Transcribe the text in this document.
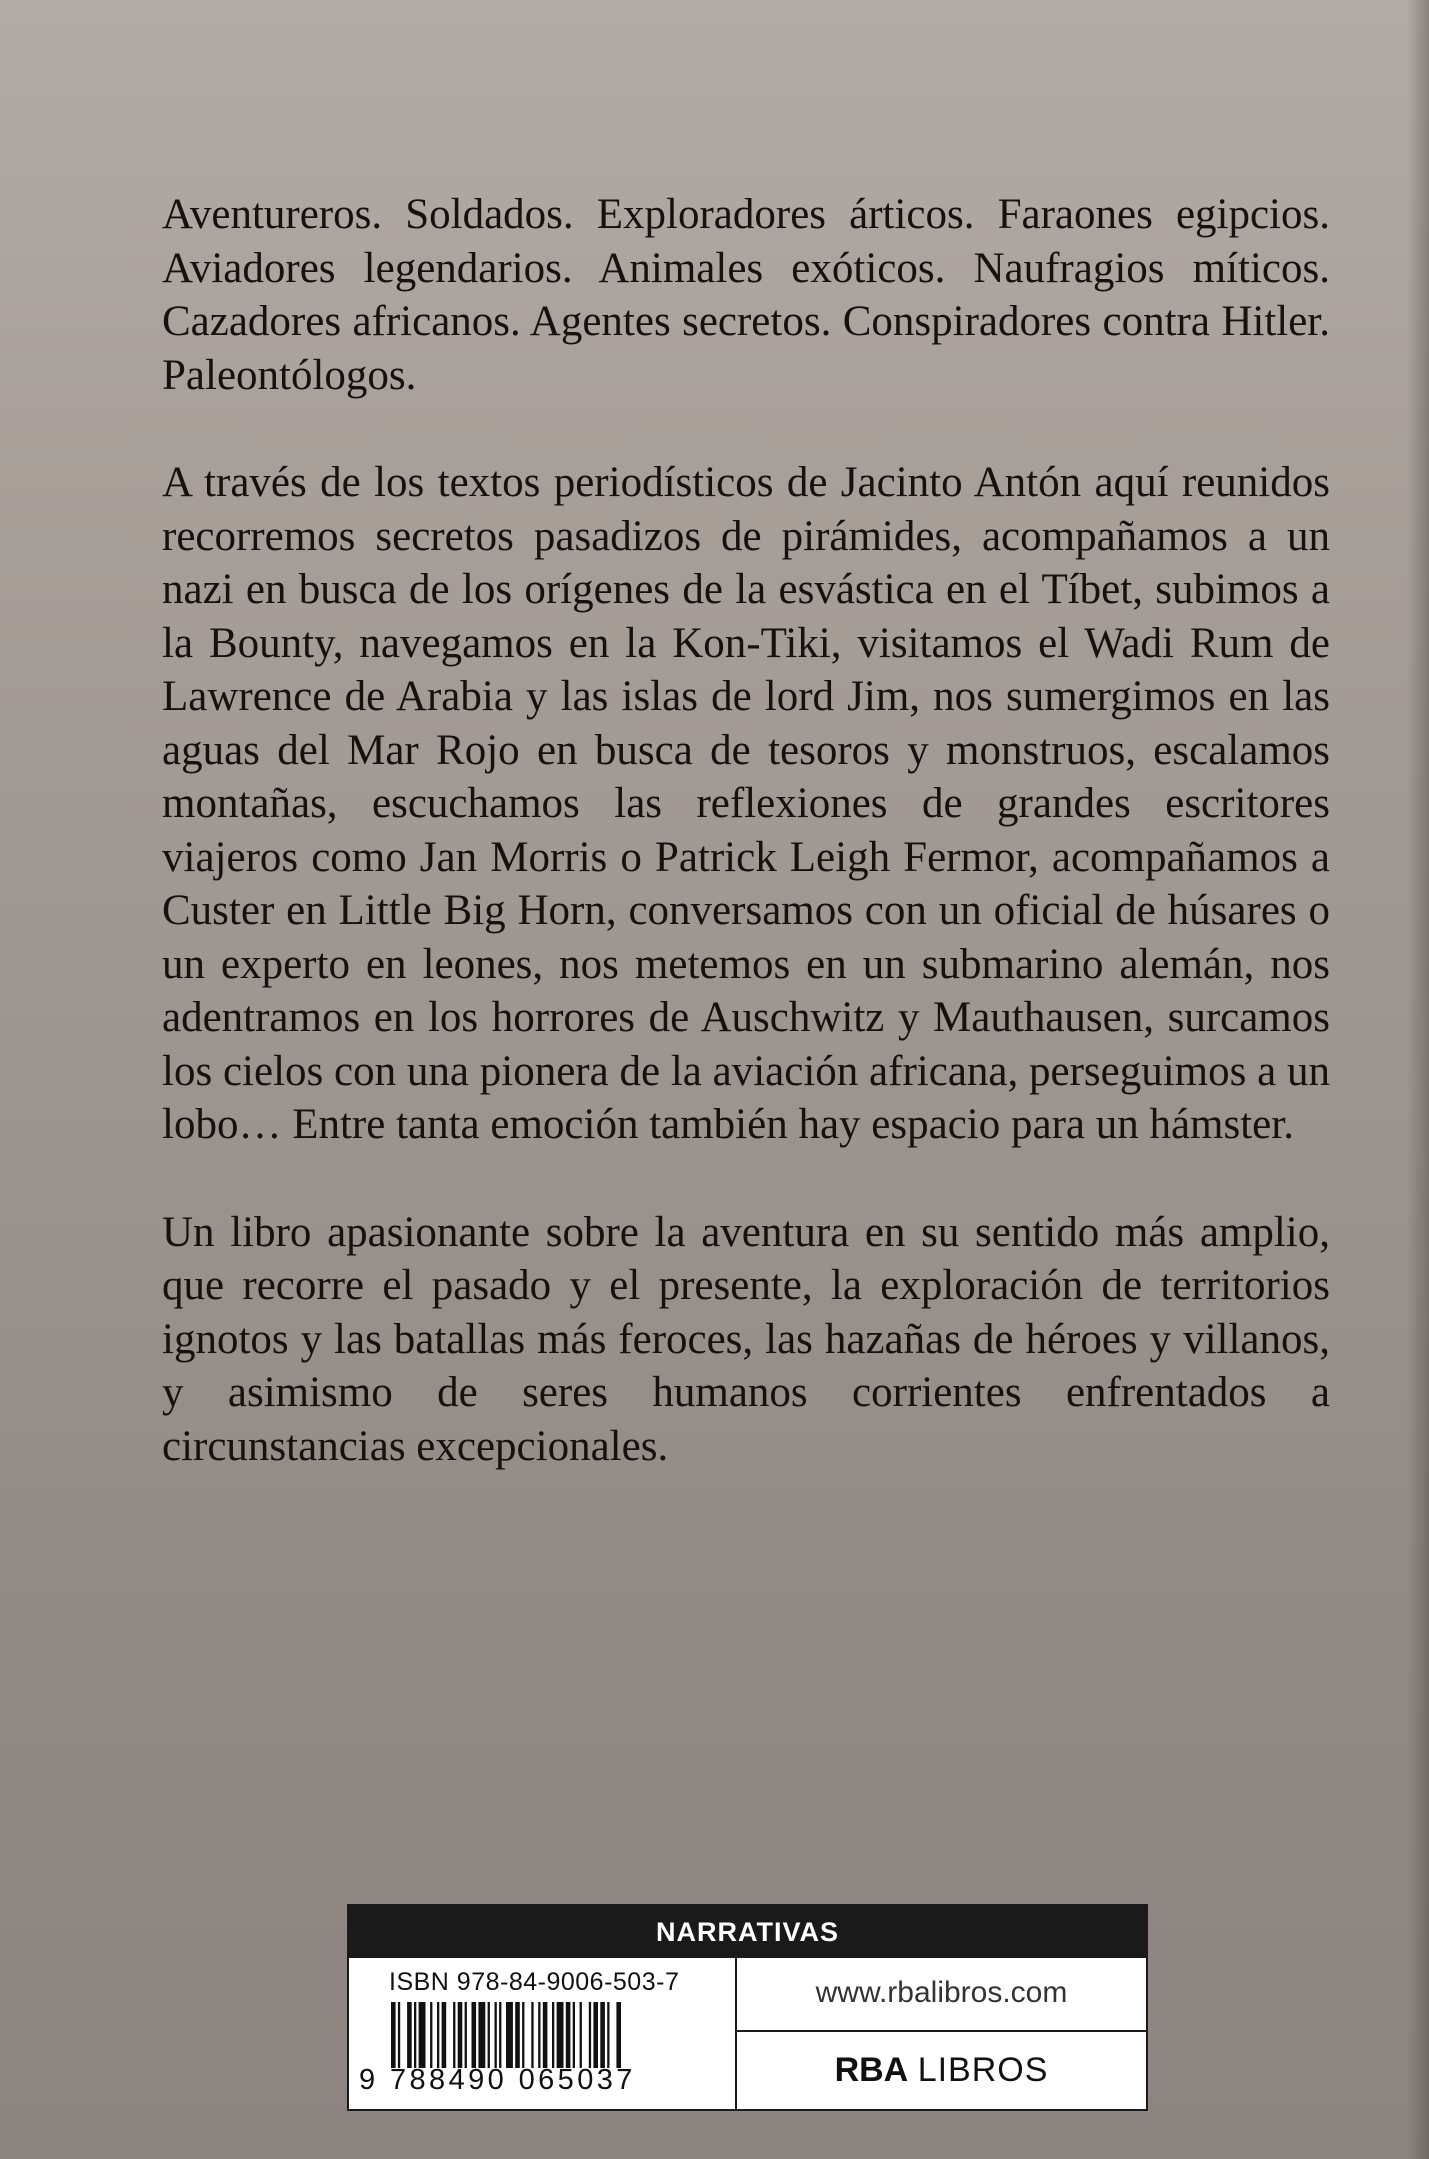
Aventureros. Soldados. Exploradores árticos. Faraones egipcios. Aviadores legendarios. Animales exóticos. Naufragios míticos. Cazadores africanos. Agentes secretos. Conspiradores contra Hitler. Paleontólogos.

A través de los textos periodísticos de Jacinto Antón aquí reunidos recorremos secretos pasadizos de pirámides, acompañamos a un nazi en busca de los orígenes de la esvástica en el Tíbet, subimos a la Bounty, navegamos en la Kon-Tiki, visitamos el Wadi Rum de Lawrence de Arabia y las islas de lord Jim, nos sumergimos en las aguas del Mar Rojo en busca de tesoros y monstruos, escalamos montañas, escuchamos las reflexiones de grandes escritores viajeros como Jan Morris o Patrick Leigh Fermor, acompañamos a Custer en Little Big Horn, conversamos con un oficial de húsares o un experto en leones, nos metemos en un submarino alemán, nos adentramos en los horrores de Auschwitz y Mauthausen, surcamos los cielos con una pionera de la aviación africana, perseguimos a un lobo… Entre tanta emoción también hay espacio para un hámster.

Un libro apasionante sobre la aventura en su sentido más amplio, que recorre el pasado y el presente, la exploración de territorios ignotos y las batallas más feroces, las hazañas de héroes y villanos, y asimismo de seres humanos corrientes enfrentados a circunstancias excepcionales.

NARRATIVAS
ISBN 978-84-9006-503-7
9 788490 065037
www.rbalibros.com
RBA LIBROS
